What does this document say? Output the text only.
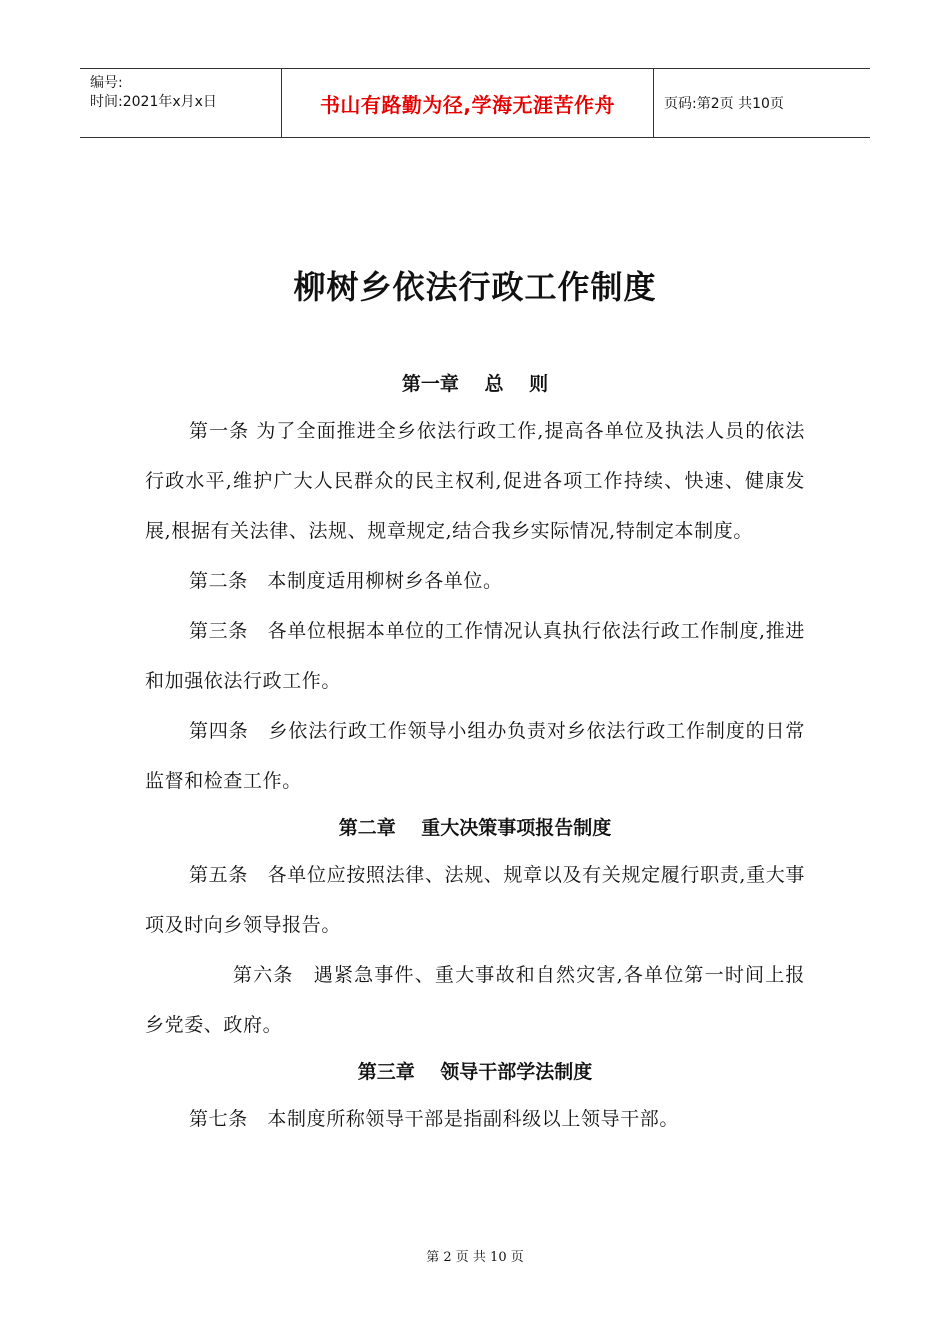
编号:
时间:2021年x月x日	书山有路勤为径,学海无涯苦作舟	页码:第2页 共10页
柳树乡依法行政工作制度
第一章　 总　 则

第一条 为了全面推进全乡依法行政工作,提高各单位及执法人员的依法行政水平,维护广大人民群众的民主权利,促进各项工作持续、快速、健康发展,根据有关法律、法规、规章规定,结合我乡实际情况,特制定本制度。

第二条　本制度适用柳树乡各单位。

第三条　各单位根据本单位的工作情况认真执行依法行政工作制度,推进和加强依法行政工作。

第四条　乡依法行政工作领导小组办负责对乡依法行政工作制度的日常监督和检查工作。

第二章　 重大决策事项报告制度

第五条　各单位应按照法律、法规、规章以及有关规定履行职责,重大事项及时向乡领导报告。

第六条　遇紧急事件、重大事故和自然灾害,各单位第一时间上报乡党委、政府。

第三章　 领导干部学法制度

第七条　本制度所称领导干部是指副科级以上领导干部。

第 2 页 共 10 页
